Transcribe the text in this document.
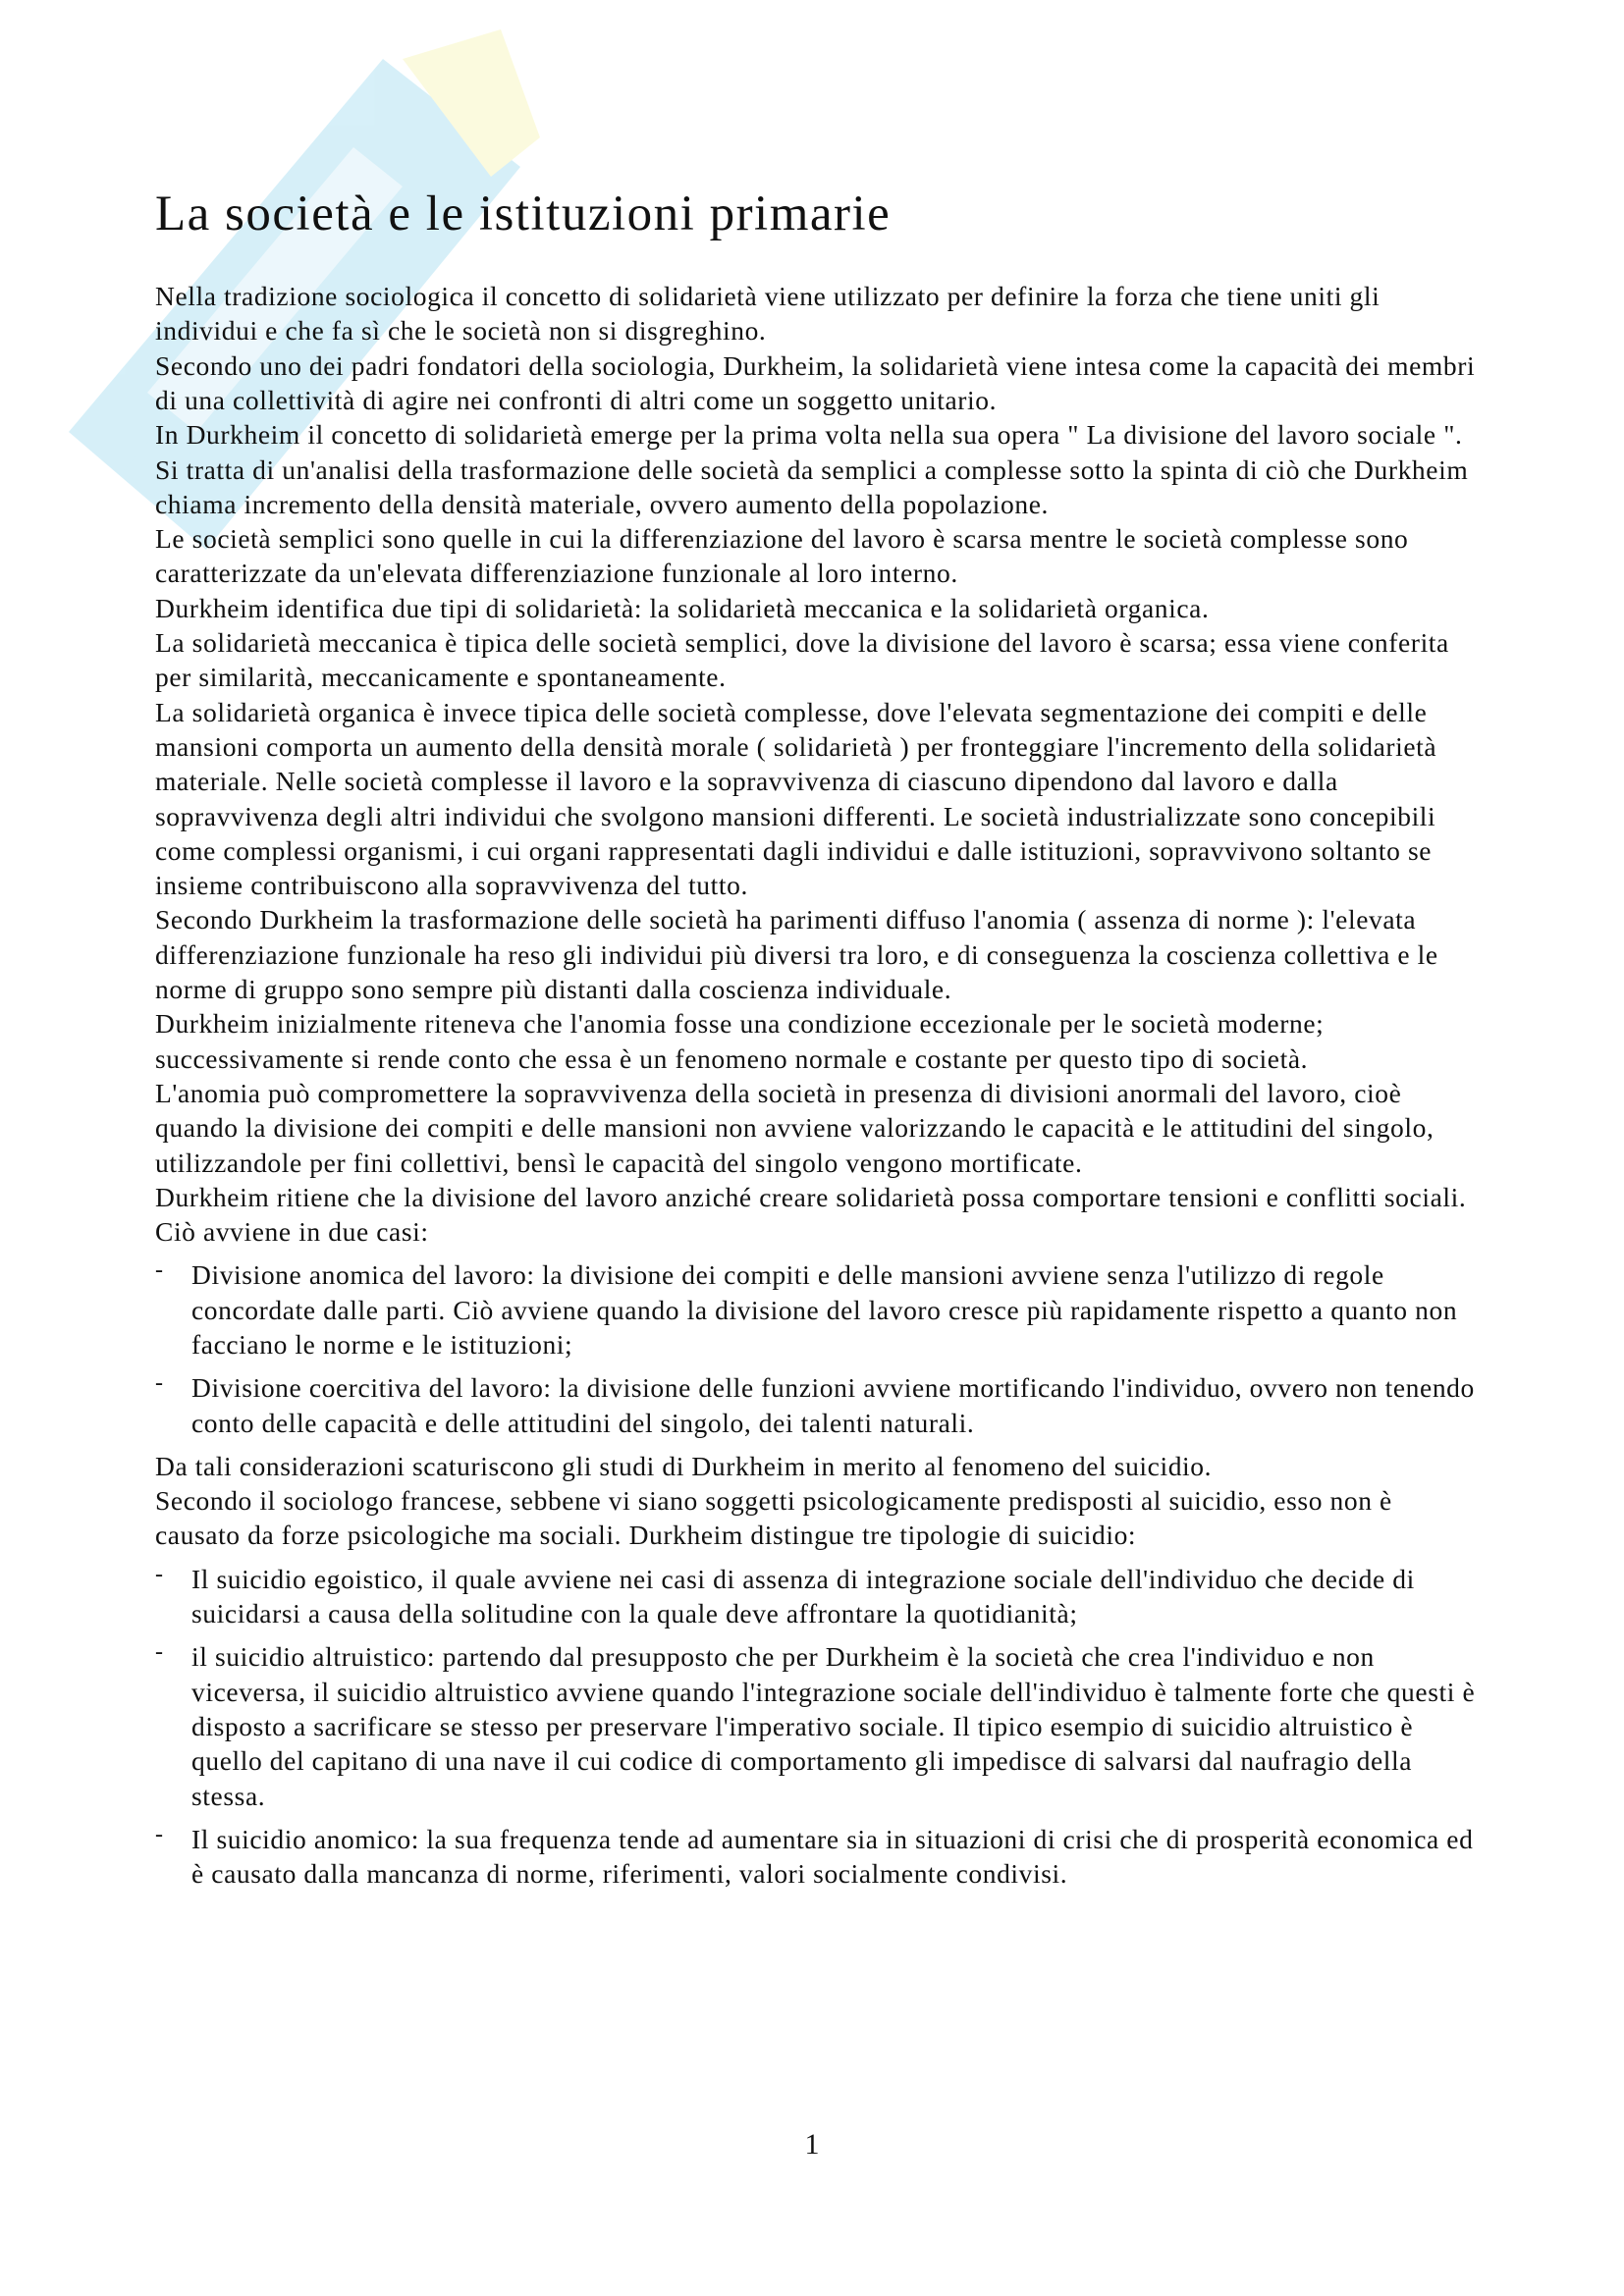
La società e le istituzioni primarie

Nella tradizione sociologica il concetto di solidarietà viene utilizzato per definire la forza che tiene uniti gli individui e che fa sì che le società non si disgreghino.

Secondo uno dei padri fondatori della sociologia, Durkheim, la solidarietà viene intesa come la capacità dei membri di una collettività di agire nei confronti di altri come un soggetto unitario.

In Durkheim il concetto di solidarietà emerge per la prima volta nella sua opera " La divisione del lavoro sociale ". Si tratta di un'analisi della trasformazione delle società da semplici a complesse sotto la spinta di ciò che Durkheim chiama incremento della densità materiale, ovvero aumento della popolazione.

Le società semplici sono quelle in cui la differenziazione del lavoro è scarsa mentre le società complesse sono caratterizzate da un'elevata differenziazione funzionale al loro interno.

Durkheim identifica due tipi di solidarietà: la solidarietà meccanica e la solidarietà organica.

La solidarietà meccanica è tipica delle società semplici, dove la divisione del lavoro è scarsa; essa viene conferita per similarità, meccanicamente e spontaneamente.

La solidarietà organica è invece tipica delle società complesse, dove l'elevata segmentazione dei compiti e delle mansioni comporta un aumento della densità morale ( solidarietà ) per fronteggiare l'incremento della solidarietà materiale. Nelle società complesse il lavoro e la sopravvivenza di ciascuno dipendono dal lavoro e dalla sopravvivenza degli altri individui che svolgono mansioni differenti. Le società industrializzate sono concepibili come complessi organismi, i cui organi rappresentati dagli individui e dalle istituzioni, sopravvivono soltanto se insieme contribuiscono alla sopravvivenza del tutto.

Secondo Durkheim la trasformazione delle società ha parimenti diffuso l'anomia ( assenza di norme ): l'elevata differenziazione funzionale ha reso gli individui più diversi tra loro, e di conseguenza la coscienza collettiva e le norme di gruppo sono sempre più distanti dalla coscienza individuale.

Durkheim inizialmente riteneva che l'anomia fosse una condizione eccezionale per le società moderne; successivamente si rende conto che essa è un fenomeno normale e costante per questo tipo di società.

L'anomia può compromettere la sopravvivenza della società in presenza di divisioni anormali del lavoro, cioè quando la divisione dei compiti e delle mansioni non avviene valorizzando le capacità e le attitudini del singolo, utilizzandole per fini collettivi, bensì le capacità del singolo vengono mortificate.

Durkheim ritiene che la divisione del lavoro anziché creare solidarietà possa comportare tensioni e conflitti sociali. Ciò avviene in due casi:

- Divisione anomica del lavoro: la divisione dei compiti e delle mansioni avviene senza l'utilizzo di regole concordate dalle parti. Ciò avviene quando la divisione del lavoro cresce più rapidamente rispetto a quanto non facciano le norme e le istituzioni;
- Divisione coercitiva del lavoro: la divisione delle funzioni avviene mortificando l'individuo, ovvero non tenendo conto delle capacità e delle attitudini del singolo, dei talenti naturali.

Da tali considerazioni scaturiscono gli studi di Durkheim in merito al fenomeno del suicidio.

Secondo il sociologo francese, sebbene vi siano soggetti psicologicamente predisposti al suicidio, esso non è causato da forze psicologiche ma sociali. Durkheim distingue tre tipologie di suicidio:

- Il suicidio egoistico, il quale avviene nei casi di assenza di integrazione sociale dell'individuo che decide di suicidarsi a causa della solitudine con la quale deve affrontare la quotidianità;
- il suicidio altruistico: partendo dal presupposto che per Durkheim è la società che crea l'individuo e non viceversa, il suicidio altruistico avviene quando l'integrazione sociale dell'individuo è talmente forte che questi è disposto a sacrificare se stesso per preservare l'imperativo sociale. Il tipico esempio di suicidio altruistico è quello del capitano di una nave il cui codice di comportamento gli impedisce di salvarsi dal naufragio della stessa.
- Il suicidio anomico: la sua frequenza tende ad aumentare sia in situazioni di crisi che di prosperità economica ed è causato dalla mancanza di norme, riferimenti, valori socialmente condivisi.
1
